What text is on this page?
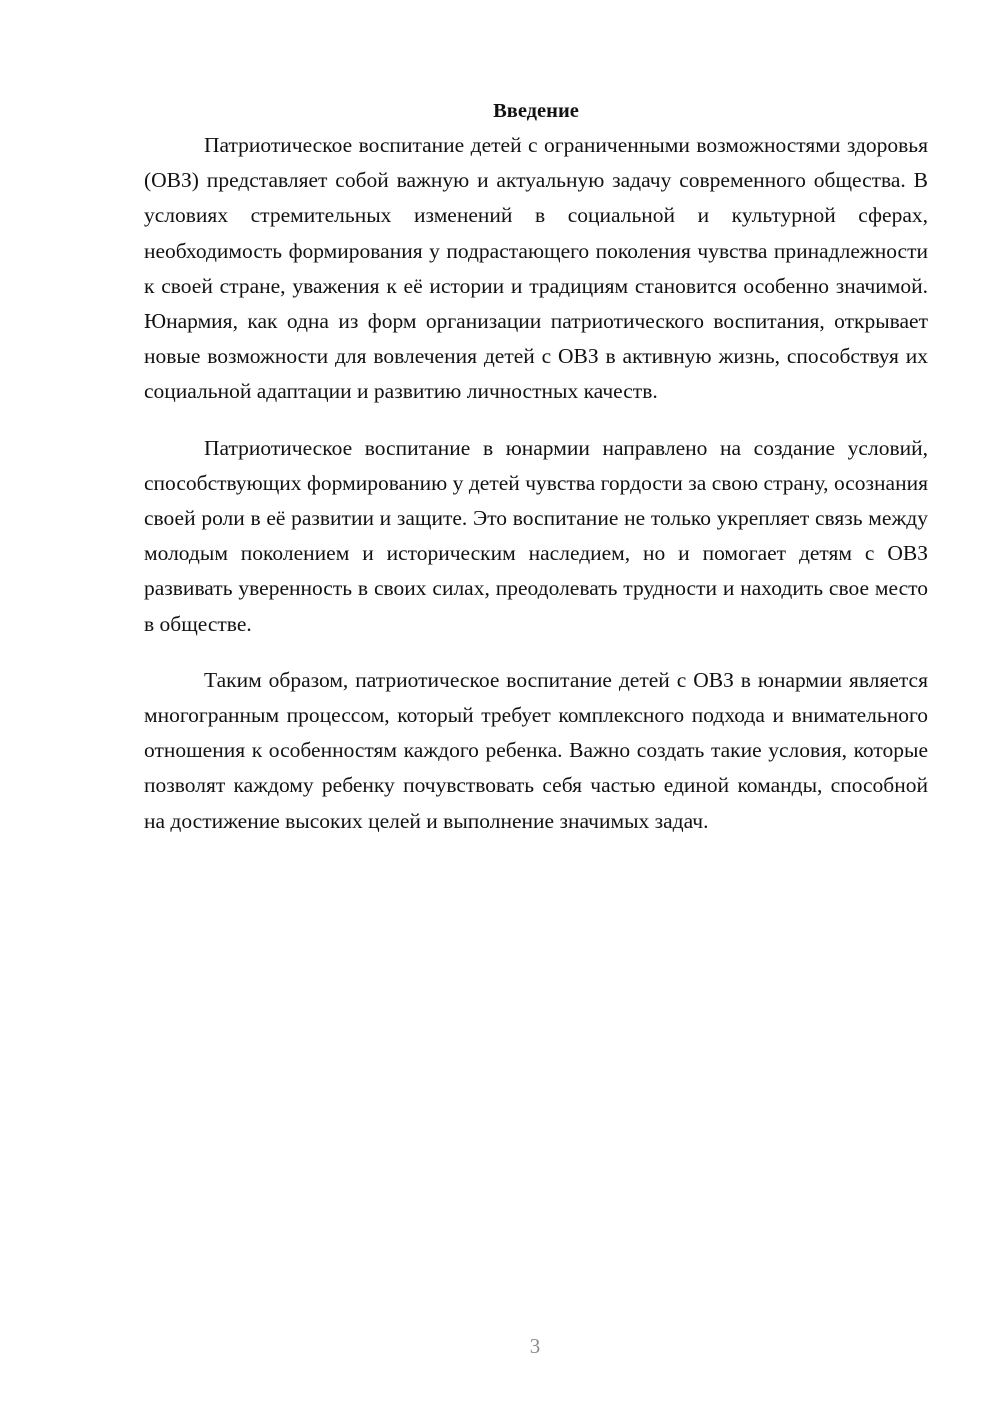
Введение

Патриотическое воспитание детей с ограниченными возможностями здоровья (ОВЗ) представляет собой важную и актуальную задачу современного общества. В условиях стремительных изменений в социальной и культурной сферах, необходимость формирования у подрастающего поколения чувства принадлежности к своей стране, уважения к её истории и традициям становится особенно значимой. Юнармия, как одна из форм организации патриотического воспитания, открывает новые возможности для вовлечения детей с ОВЗ в активную жизнь, способствуя их социальной адаптации и развитию личностных качеств.

Патриотическое воспитание в юнармии направлено на создание условий, способствующих формированию у детей чувства гордости за свою страну, осознания своей роли в её развитии и защите. Это воспитание не только укрепляет связь между молодым поколением и историческим наследием, но и помогает детям с ОВЗ развивать уверенность в своих силах, преодолевать трудности и находить свое место в обществе.

Таким образом, патриотическое воспитание детей с ОВЗ в юнармии является многогранным процессом, который требует комплексного подхода и внимательного отношения к особенностям каждого ребенка. Важно создать такие условия, которые позволят каждому ребенку почувствовать себя частью единой команды, способной на достижение высоких целей и выполнение значимых задач.

3
